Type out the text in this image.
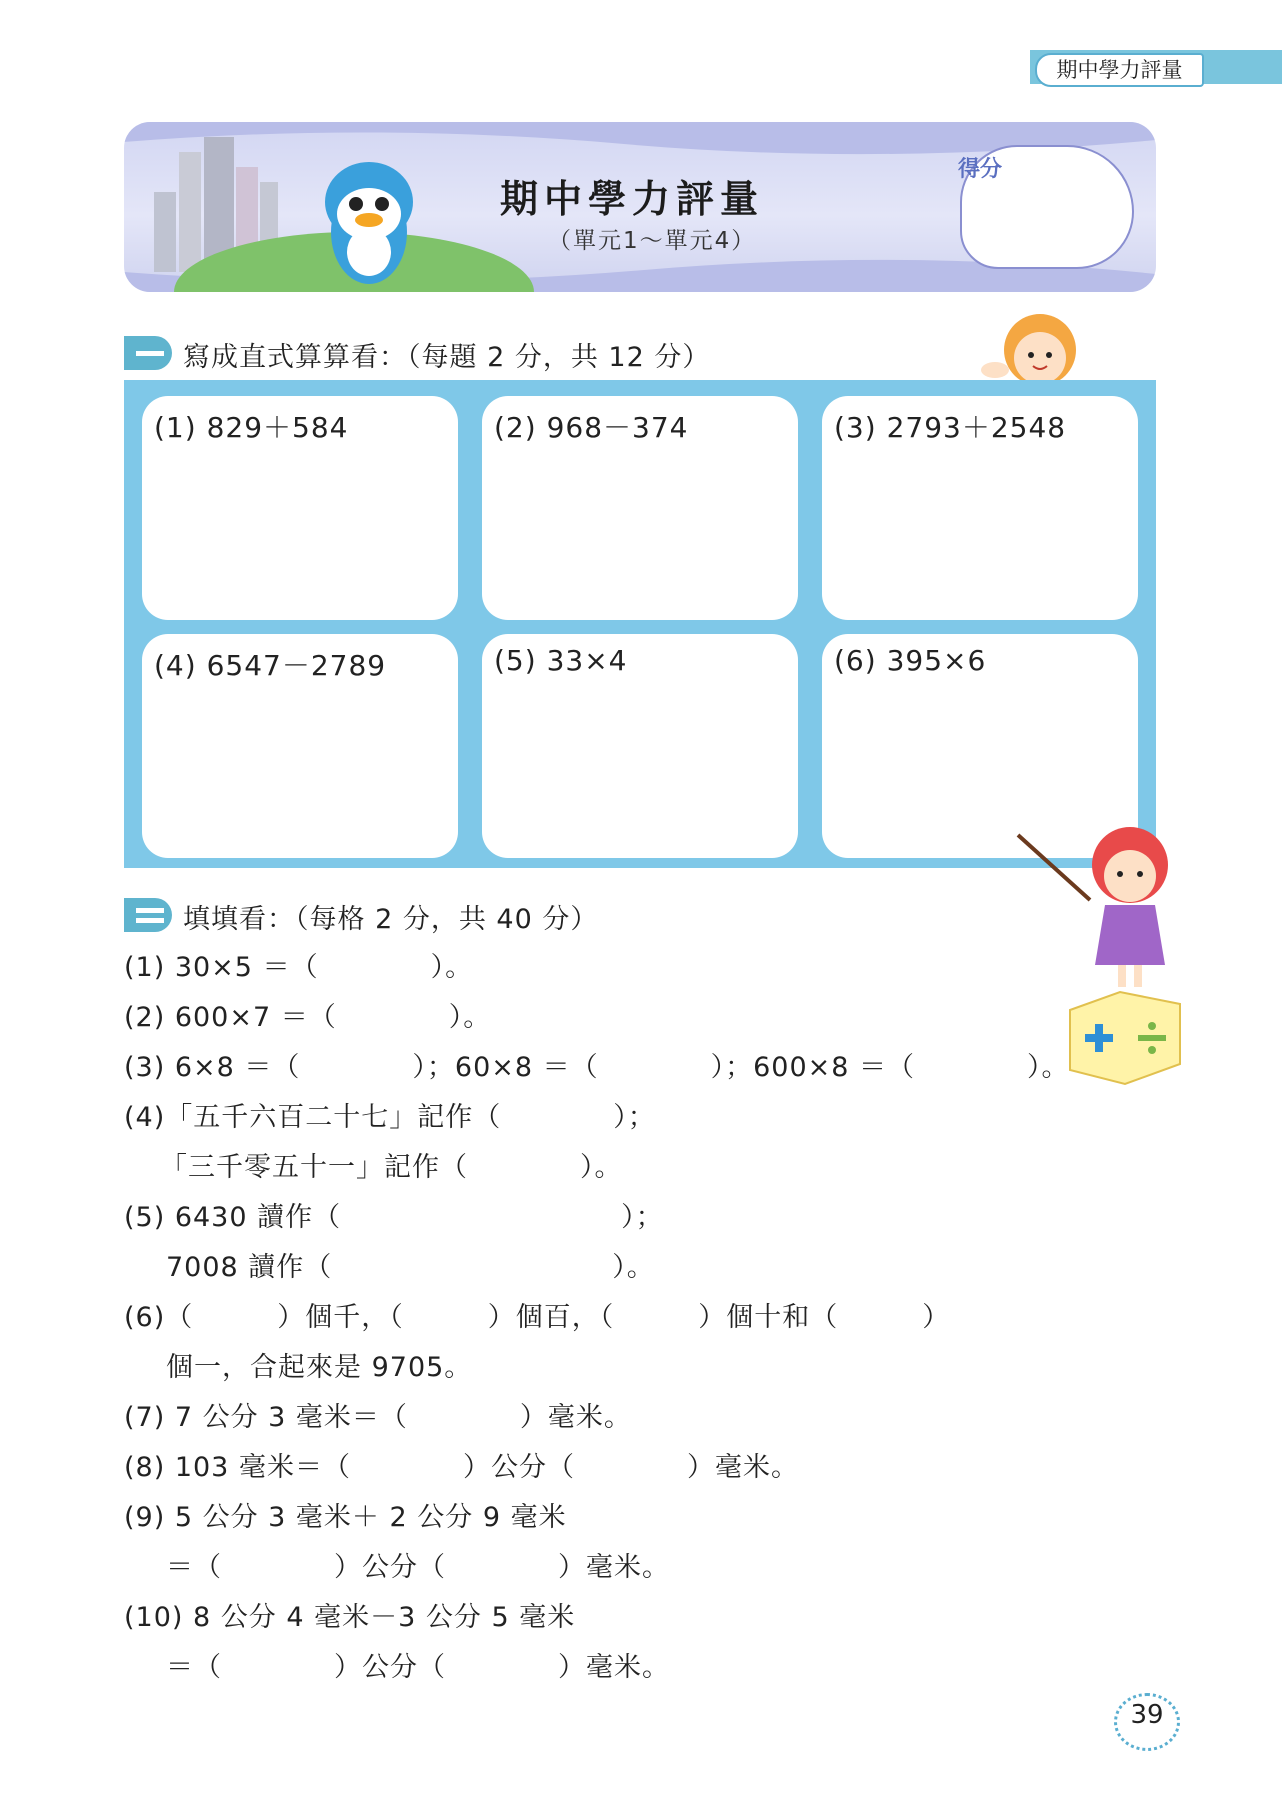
期中學力評量
期中學力評量
（單元1～單元4）
得分
寫成直式算算看：（每題 2 分，共 12 分）
(1) 829＋584	(2) 968－374	(3) 2793＋2548
(4) 6547－2789	(5) 33×4	(6) 395×6
填填看：（每格 2 分，共 40 分）
(1) 30×5 ＝（　　　　）。
(2) 600×7 ＝（　　　　）。
(3) 6×8 ＝（　　　　）；60×8 ＝（　　　　）；600×8 ＝（　　　　）。
(4)「五千六百二十七」記作（　　　　）；
「三千零五十一」記作（　　　　）。
(5) 6430 讀作（　　　　　　　　　　）；
7008 讀作（　　　　　　　　　　）。
(6)（　　　）個千，（　　　）個百，（　　　）個十和（　　　）
個一，合起來是 9705。
(7) 7 公分 3 毫米＝（　　　　）毫米。
(8) 103 毫米＝（　　　　）公分（　　　　）毫米。
(9) 5 公分 3 毫米＋ 2 公分 9 毫米
＝（　　　　）公分（　　　　）毫米。
(10) 8 公分 4 毫米－3 公分 5 毫米
＝（　　　　）公分（　　　　）毫米。
39
